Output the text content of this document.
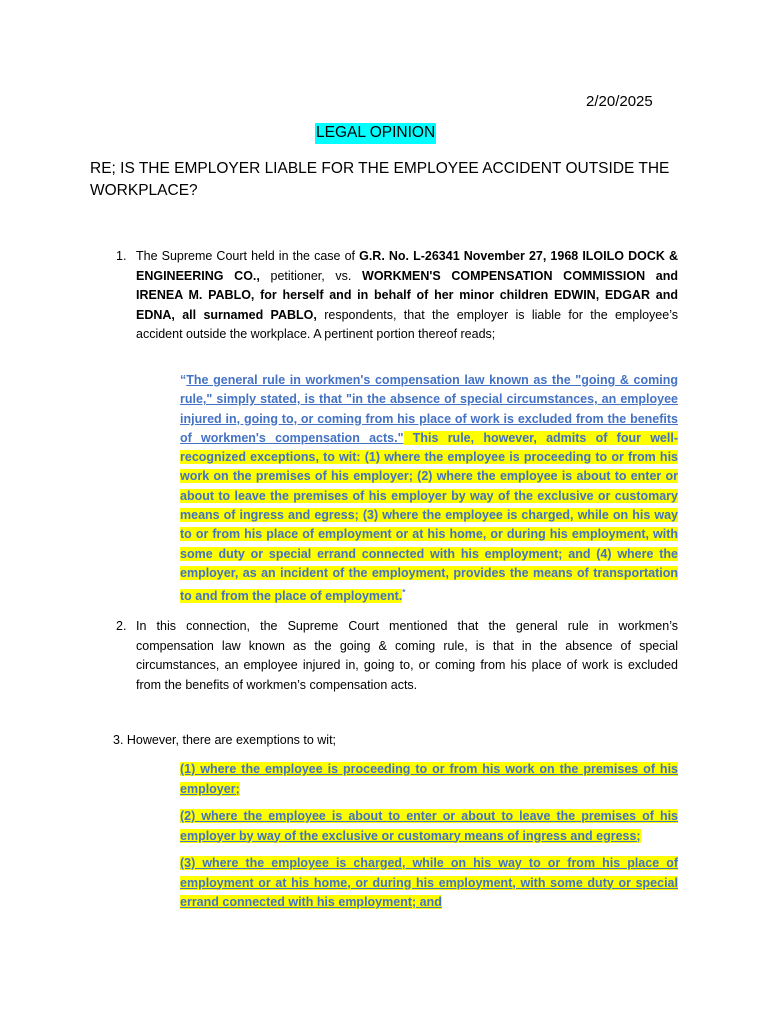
2/20/2025
LEGAL OPINION
RE; IS THE EMPLOYER LIABLE FOR THE EMPLOYEE ACCIDENT OUTSIDE THE WORKPLACE?
1. The Supreme Court held in the case of G.R. No. L-26341 November 27, 1968 ILOILO DOCK & ENGINEERING CO., petitioner, vs. WORKMEN'S COMPENSATION COMMISSION and IRENEA M. PABLO, for herself and in behalf of her minor children EDWIN, EDGAR and EDNA, all surnamed PABLO, respondents, that the employer is liable for the employee’s accident outside the workplace. A pertinent portion thereof reads;
“The general rule in workmen's compensation law known as the "going & coming rule," simply stated, is that "in the absence of special circumstances, an employee injured in, going to, or coming from his place of work is excluded from the benefits of workmen's compensation acts." This rule, however, admits of four well-recognized exceptions, to wit: (1) where the employee is proceeding to or from his work on the premises of his employer; (2) where the employee is about to enter or about to leave the premises of his employer by way of the exclusive or customary means of ingress and egress; (3) where the employee is charged, while on his way to or from his place of employment or at his home, or during his employment, with some duty or special errand connected with his employment; and (4) where the employer, as an incident of the employment, provides the means of transportation to and from the place of employment.*
2. In this connection, the Supreme Court mentioned that the general rule in workmen’s compensation law known as the going & coming rule, is that in the absence of special circumstances, an employee injured in, going to, or coming from his place of work is excluded from the benefits of workmen’s compensation acts.
3. However, there are exemptions to wit;
(1) where the employee is proceeding to or from his work on the premises of his employer;
(2) where the employee is about to enter or about to leave the premises of his employer by way of the exclusive or customary means of ingress and egress;
(3) where the employee is charged, while on his way to or from his place of employment or at his home, or during his employment, with some duty or special errand connected with his employment; and
